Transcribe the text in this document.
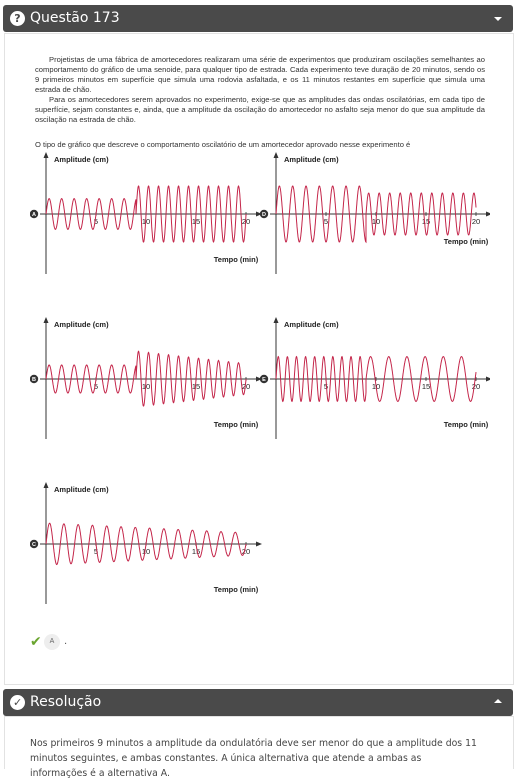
? Questão 173

Projetistas de uma fábrica de amortecedores realizaram uma série de experimentos que produziram oscilações semelhantes ao comportamento do gráfico de uma senoide, para qualquer tipo de estrada. Cada experimento teve duração de 20 minutos, sendo os 9 primeiros minutos em superfície que simula uma rodovia asfaltada, e os 11 minutos restantes em superfície que simula uma estrada de chão.

Para os amortecedores serem aprovados no experimento, exige-se que as amplitudes das ondas oscilatórias, em cada tipo de superfície, sejam constantes e, ainda, que a amplitude da oscilação do amortecedor no asfalto seja menor do que sua amplitude da oscilação na estrada de chão.

O tipo de gráfico que descreve o comportamento oscilatório de um amortecedor aprovado nesse experimento é
A
Amplitude (cm)
5	10	15	20
Tempo (min)
D
Amplitude (cm)
5	10	15	20
Tempo (min)
B
Amplitude (cm)
5	10	15	20
Tempo (min)
E
Amplitude (cm)
5	10	15	20
Tempo (min)
C
Amplitude (cm)
5	10	15	20
Tempo (min)
✔	A .
✓ Resolução
Nos primeiros 9 minutos a amplitude da ondulatória deve ser menor do que a amplitude dos 11 minutos seguintes, e ambas constantes. A única alternativa que atende a ambas as informações é a alternativa A.
